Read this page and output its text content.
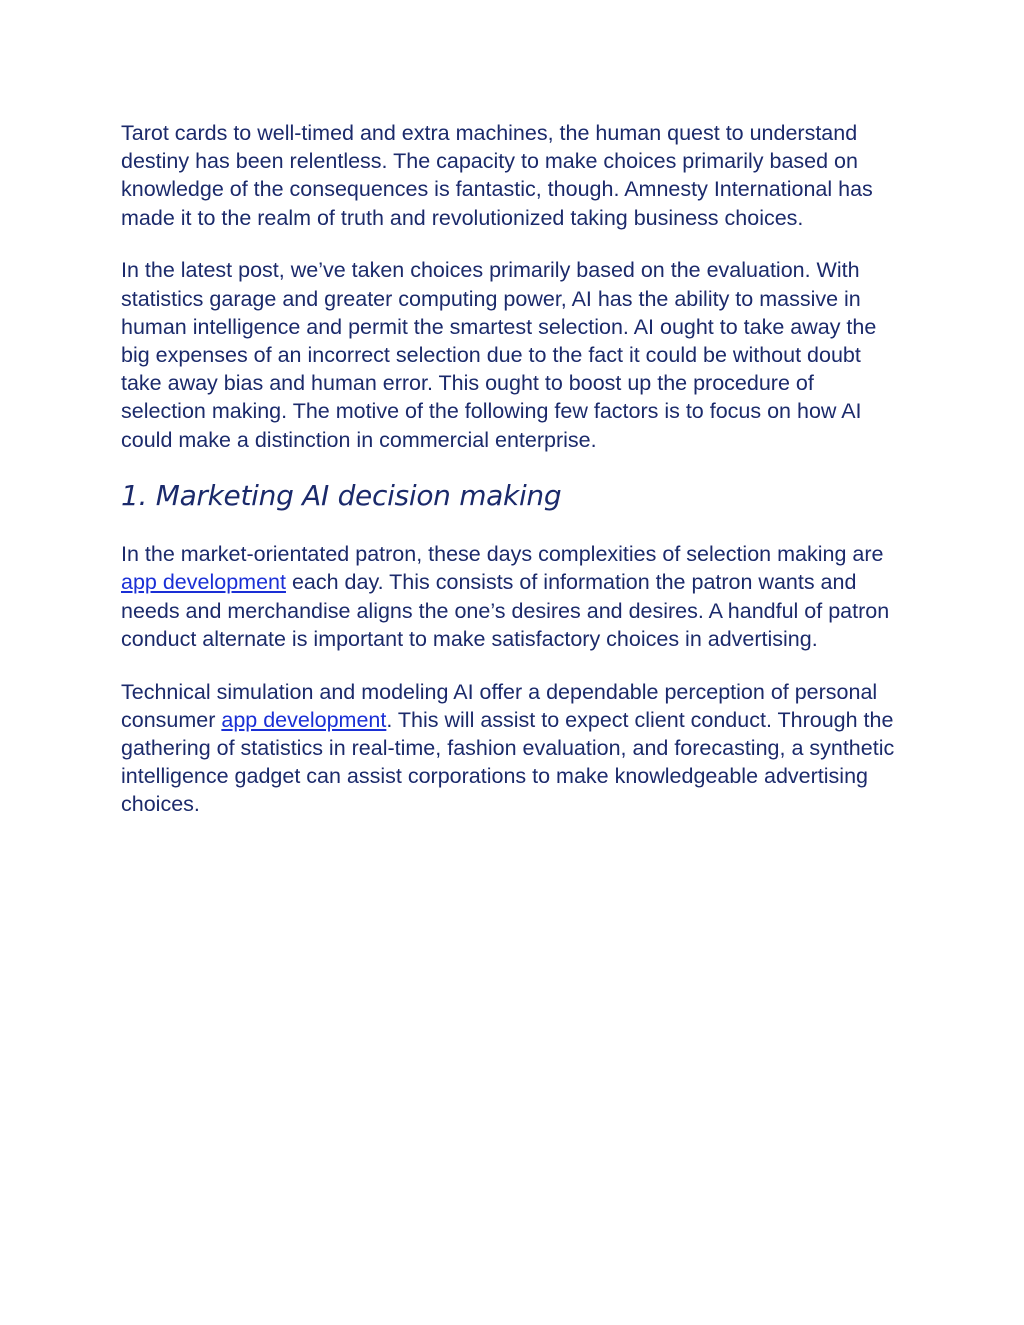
Tarot cards to well-timed and extra machines, the human quest to understand destiny has been relentless. The capacity to make choices primarily based on knowledge of the consequences is fantastic, though. Amnesty International has made it to the realm of truth and revolutionized taking business choices.

In the latest post, we’ve taken choices primarily based on the evaluation. With statistics garage and greater computing power, AI has the ability to massive in human intelligence and permit the smartest selection. AI ought to take away the big expenses of an incorrect selection due to the fact it could be without doubt take away bias and human error. This ought to boost up the procedure of selection making. The motive of the following few factors is to focus on how AI could make a distinction in commercial enterprise.

1. Marketing AI decision making

In the market-orientated patron, these days complexities of selection making are app development each day. This consists of information the patron wants and needs and merchandise aligns the one’s desires and desires. A handful of patron conduct alternate is important to make satisfactory choices in advertising.

Technical simulation and modeling AI offer a dependable perception of personal consumer app development. This will assist to expect client conduct. Through the gathering of statistics in real-time, fashion evaluation, and forecasting, a synthetic intelligence gadget can assist corporations to make knowledgeable advertising choices.
